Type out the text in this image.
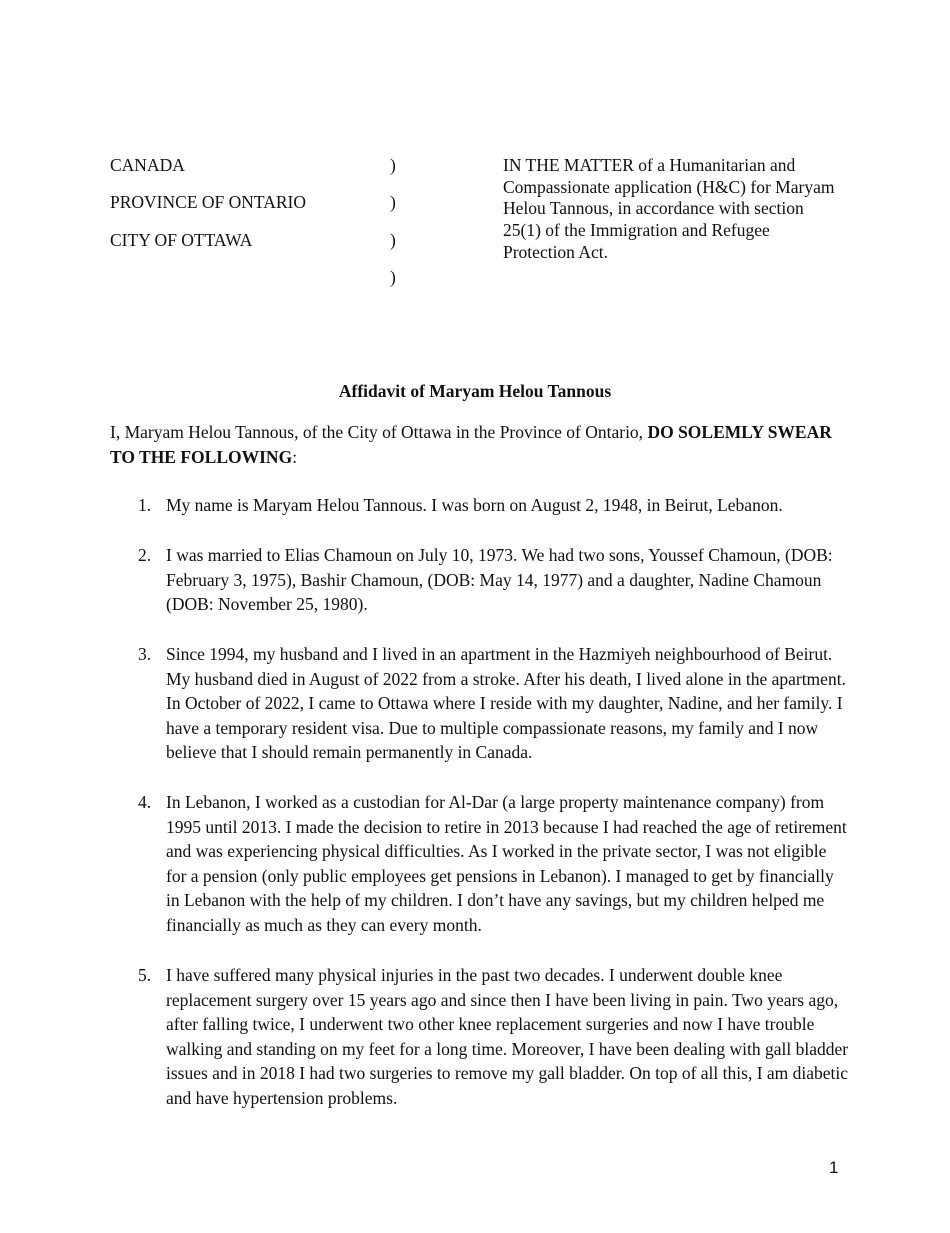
CANADA
PROVINCE OF ONTARIO
CITY OF OTTAWA
)
)
)
)
IN THE MATTER of a Humanitarian and Compassionate application (H&C) for Maryam Helou Tannous, in accordance with section 25(1) of the Immigration and Refugee Protection Act.
Affidavit of Maryam Helou Tannous
I, Maryam Helou Tannous, of the City of Ottawa in the Province of Ontario, DO SOLEMLY SWEAR TO THE FOLLOWING:
1. My name is Maryam Helou Tannous. I was born on August 2, 1948, in Beirut, Lebanon.
2. I was married to Elias Chamoun on July 10, 1973. We had two sons, Youssef Chamoun, (DOB: February 3, 1975), Bashir Chamoun, (DOB: May 14, 1977) and a daughter, Nadine Chamoun (DOB: November 25, 1980).
3. Since 1994, my husband and I lived in an apartment in the Hazmiyeh neighbourhood of Beirut. My husband died in August of 2022 from a stroke. After his death, I lived alone in the apartment. In October of 2022, I came to Ottawa where I reside with my daughter, Nadine, and her family. I have a temporary resident visa. Due to multiple compassionate reasons, my family and I now believe that I should remain permanently in Canada.
4. In Lebanon, I worked as a custodian for Al-Dar (a large property maintenance company) from 1995 until 2013. I made the decision to retire in 2013 because I had reached the age of retirement and was experiencing physical difficulties. As I worked in the private sector, I was not eligible for a pension (only public employees get pensions in Lebanon). I managed to get by financially in Lebanon with the help of my children. I don’t have any savings, but my children helped me financially as much as they can every month.
5. I have suffered many physical injuries in the past two decades. I underwent double knee replacement surgery over 15 years ago and since then I have been living in pain. Two years ago, after falling twice, I underwent two other knee replacement surgeries and now I have trouble walking and standing on my feet for a long time. Moreover, I have been dealing with gall bladder issues and in 2018 I had two surgeries to remove my gall bladder. On top of all this, I am diabetic and have hypertension problems.
1
